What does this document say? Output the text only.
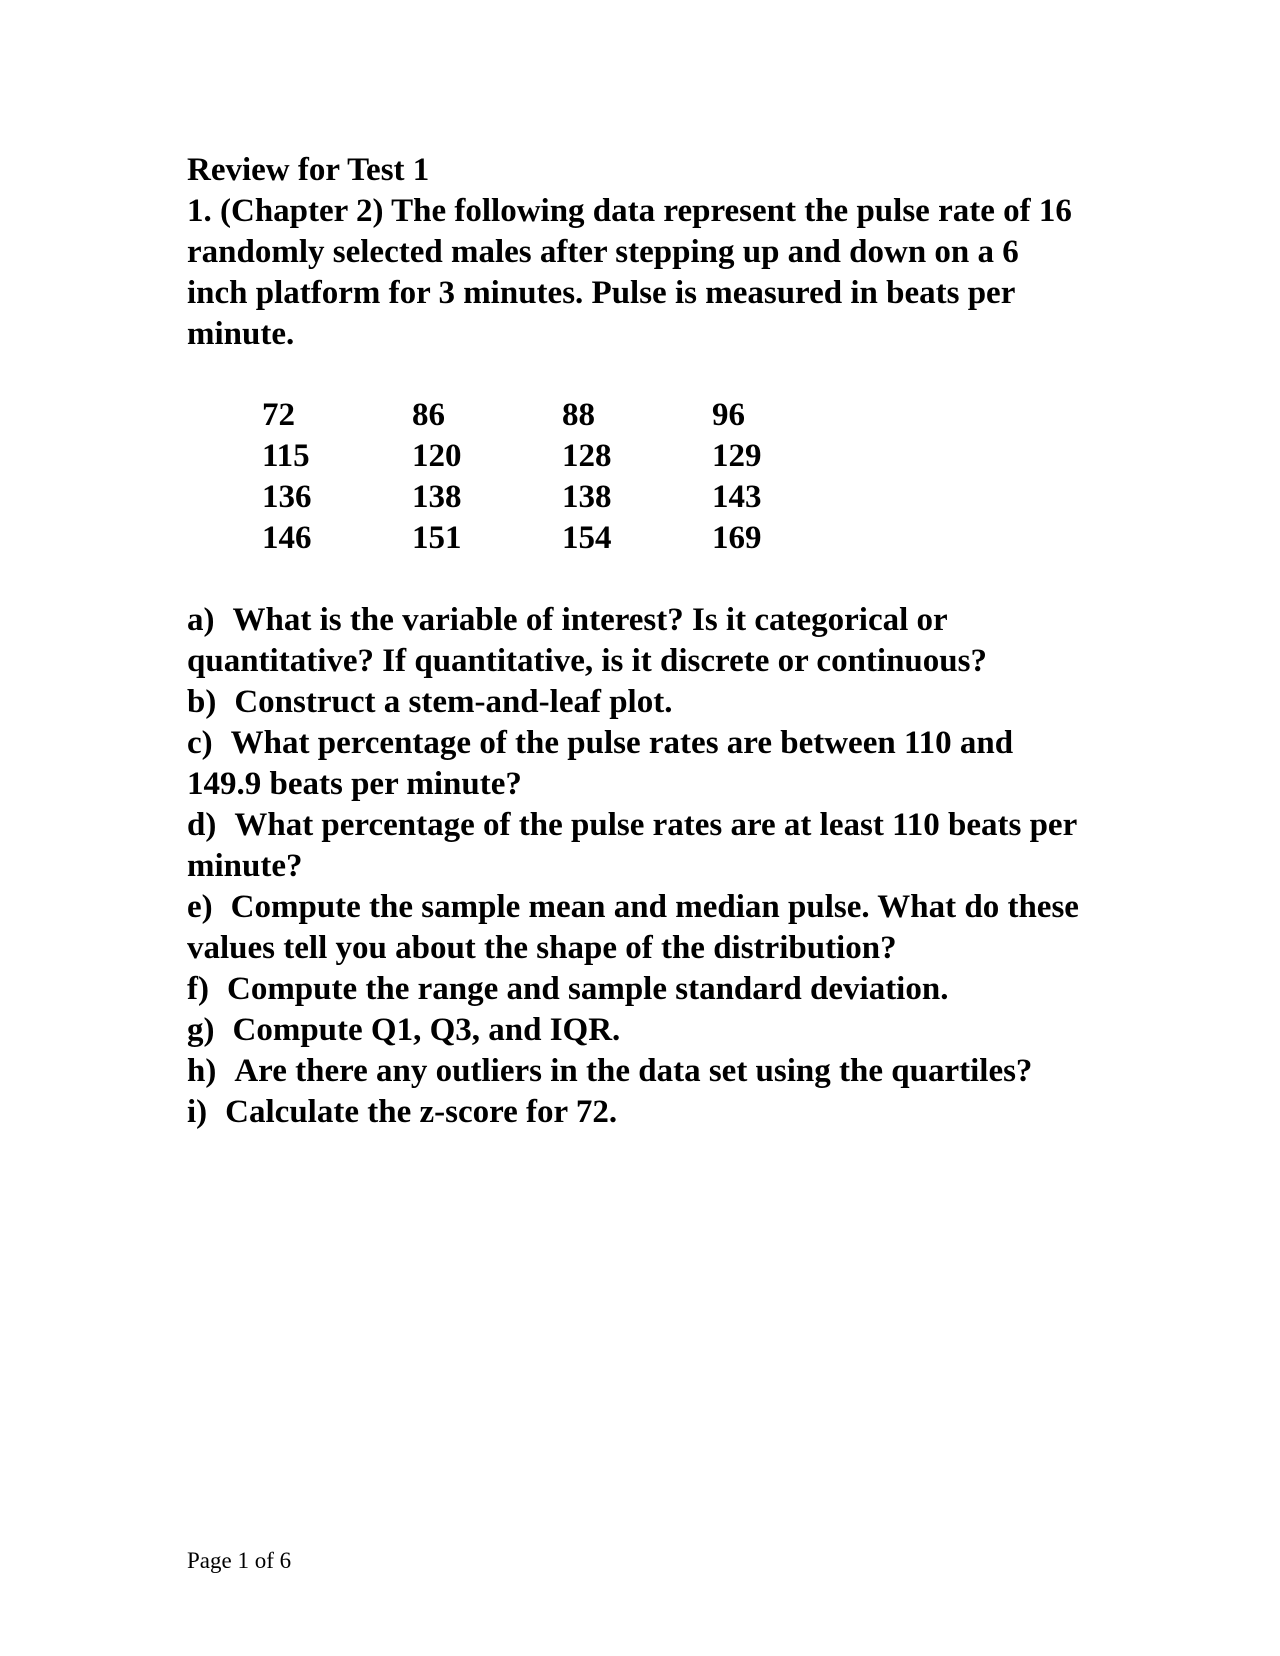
Review for Test 1

1. (Chapter 2) The following data represent the pulse rate of 16 randomly selected males after stepping up and down on a 6 inch platform for 3 minutes. Pulse is measured in beats per minute.

72	86	88	96
115	120	128	129
136	138	138	143
146	151	154	169

a) What is the variable of interest? Is it categorical or quantitative? If quantitative, is it discrete or continuous?

b) Construct a stem-and-leaf plot.

c) What percentage of the pulse rates are between 110 and 149.9 beats per minute?

d) What percentage of the pulse rates are at least 110 beats per minute?

e) Compute the sample mean and median pulse. What do these values tell you about the shape of the distribution?

f) Compute the range and sample standard deviation.

g) Compute Q1, Q3, and IQR.

h) Are there any outliers in the data set using the quartiles?

i) Calculate the z-score for 72.

Page 1 of 6
